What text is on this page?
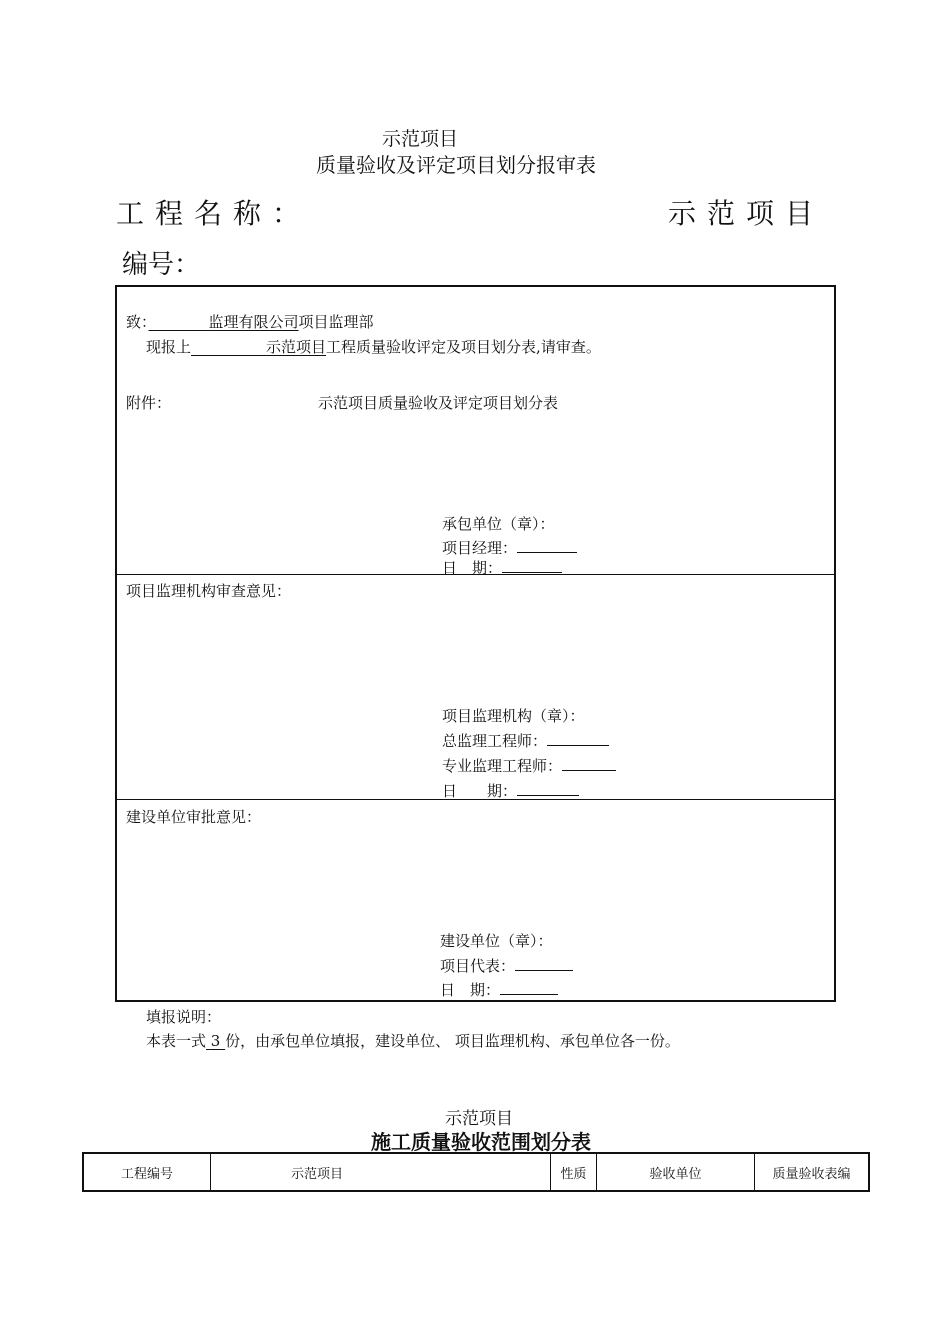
示范项目
质量验收及评定项目划分报审表
工程名称：	示范项目
编号：
致：　　　　	监理有限公司项目监理部
现报上　　　　　	示范项目工程质量验收评定及项目划分表,请审查。
附件：	示范项目质量验收及评定项目划分表
承包单位（章）：
项目经理：
日　期：
项目监理机构审查意见：
项目监理机构（章）：
总监理工程师：
专业监理工程师：
日　　期：
建设单位审批意见：
建设单位（章）：
项目代表：
日　期：
填报说明：
本表一式 3 份，由承包单位填报，建设单位、 项目监理机构、承包单位各一份。
示范项目
施工质量验收范围划分表
工程编号	示范项目	性质	验收单位	质量验收表编
